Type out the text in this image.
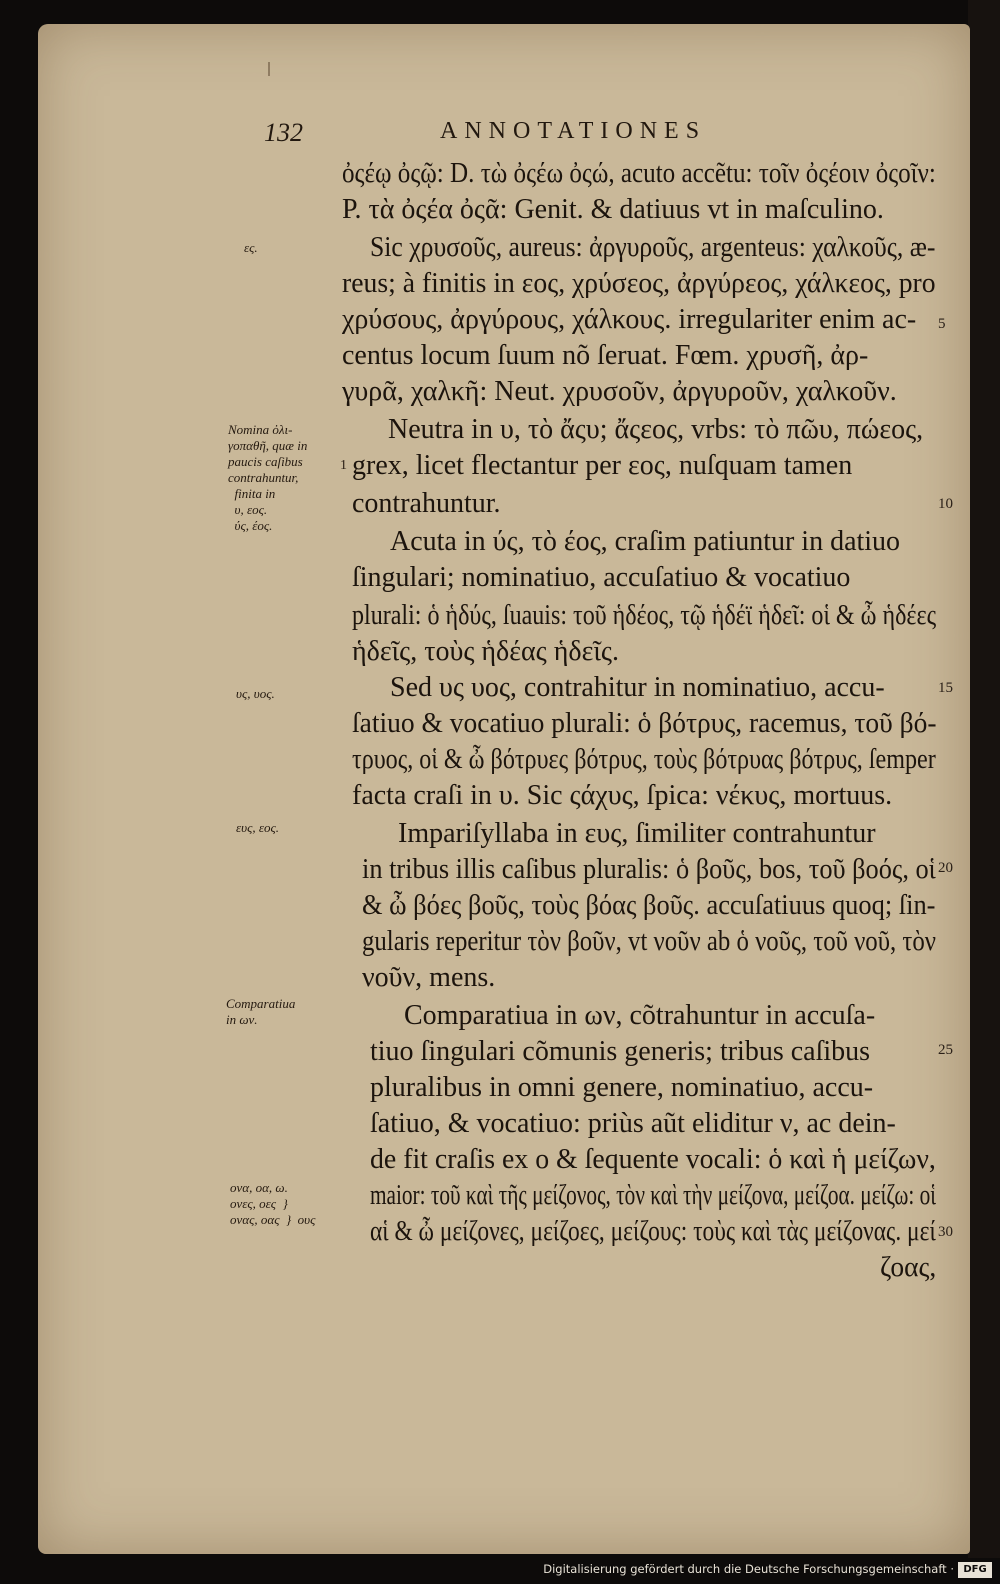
132	ANNOTATIONES
ὀςέῳ ὀςῷ: D. τὼ ὀςέω ὀςώ, acuto accẽtu: τοῖν ὀςέοιν ὀςοῖν:
P. τὰ ὀςέα ὀςᾶ: Genit. & datiuus vt in maſculino.
Sic χρυσοῦς, aureus: ἀργυροῦς, argenteus: χαλκοῦς, æ-
reus; à finitis in εος, χρύσεος, ἀργύρεος, χάλκεος, pro
χρύσους, ἀργύρους, χάλκους. irregulariter enim ac-
centus locum ſuum nõ ſeruat. Fœm. χρυσῆ, ἀρ-
γυρᾶ, χαλκῆ: Neut. χρυσοῦν, ἀργυροῦν, χαλκοῦν.
Neutra in υ, τὸ ἄςυ; ἄςεος, vrbs: τὸ πῶυ, πώεος,
grex, licet flectantur per εος, nuſquam tamen
contrahuntur.
Acuta in ύς, τὸ έος, craſim patiuntur in datiuo
ſingulari; nominatiuo, accuſatiuo & vocatiuo
plurali: ὁ ἡδύς, ſuauis: τοῦ ἡδέος, τῷ ἡδέϊ ἡδεῖ: οἱ & ὦ ἡδέες
ἡδεῖς, τοὺς ἡδέας ἡδεῖς.
Sed υς υος, contrahitur in nominatiuo, accu-
ſatiuo & vocatiuo plurali: ὁ βότρυς, racemus, τοῦ βό-
τρυος, οἱ & ὦ βότρυες βότρυς, τοὺς βότρυας βότρυς, ſemper
facta craſi in υ. Sic ςάχυς, ſpica: νέκυς, mortuus.
Impariſyllaba in ευς, ſimiliter contrahuntur
in tribus illis caſibus pluralis: ὁ βοῦς, bos, τοῦ βοός, οἱ
& ὦ βόες βοῦς, τοὺς βόας βοῦς. accuſatiuus quoq; ſin-
gularis reperitur τὸν βοῦν, vt νοῦν ab ὁ νοῦς, τοῦ νοῦ, τὸν
νοῦν, mens.
Comparatiua in ων, cõtrahuntur in accuſa-
tiuo ſingulari cõmunis generis; tribus caſibus
pluralibus in omni genere, nominatiuo, accu-
ſatiuo, & vocatiuo: priùs aũt eliditur ν, ac dein-
de fit craſis ex ο & ſequente vocali: ὁ καὶ ἡ μείζων,
maior: τοῦ καὶ τῆς μείζονος, τὸν καὶ τὴν μείζονα, μείζοα. μείζω: οἱ
αἱ & ὦ μείζονες, μείζοες, μείζους: τοὺς καὶ τὰς μείζονας. μεί
ζοας,
1
5
10
15
20
25
30
ες.
Nomina ὀλι-
γοπαθῆ, quæ in
paucis caſibus
contrahuntur,
finita in
υ, εος.
ύς, έος.
υς, υος.
ευς, εος.
Comparatiua
in ων.
ονα, οα, ω.
ονες, οες  }
ονας, οας  }  ους
Digitalisierung gefördert durch die Deutsche Forschungsgemeinschaft · DFG
